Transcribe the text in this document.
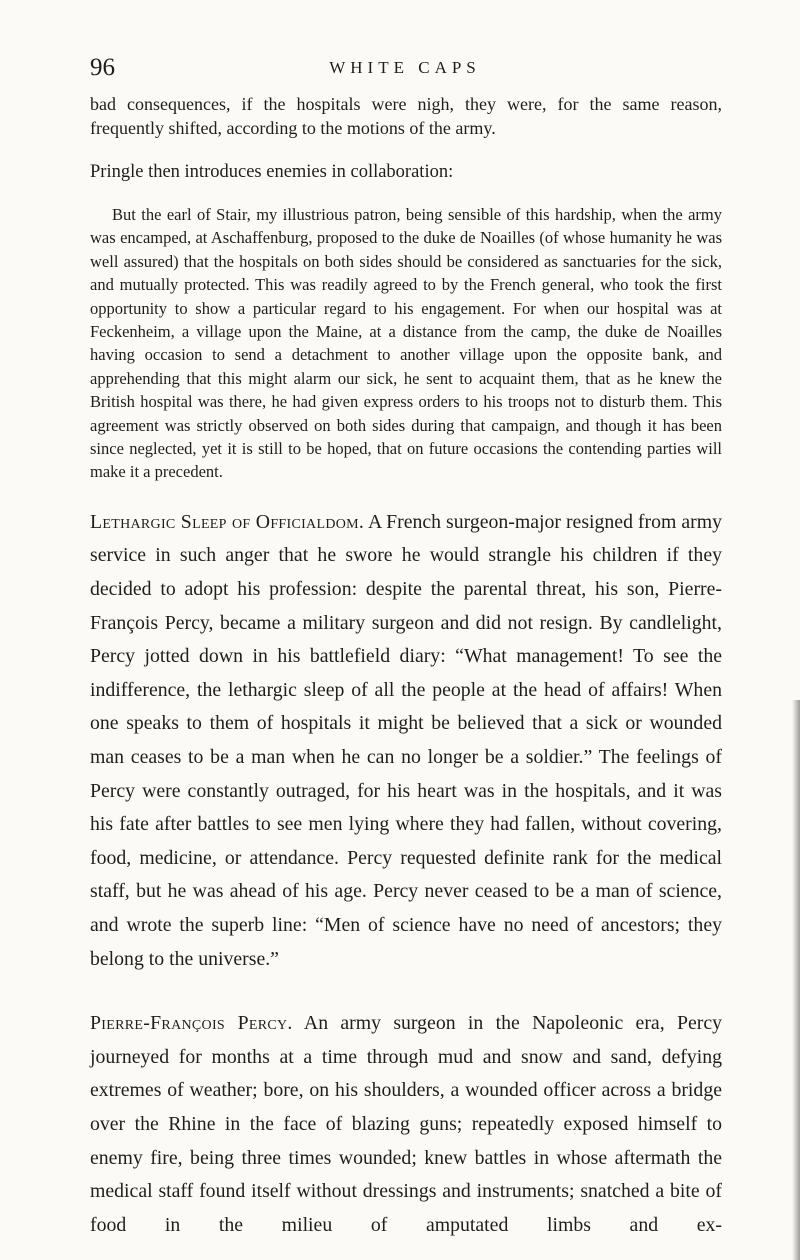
96	WHITE CAPS

bad consequences, if the hospitals were nigh, they were, for the same reason, frequently shifted, according to the motions of the army.

Pringle then introduces enemies in collaboration:

But the earl of Stair, my illustrious patron, being sensible of this hardship, when the army was encamped, at Aschaffenburg, proposed to the duke de Noailles (of whose humanity he was well assured) that the hospitals on both sides should be considered as sanctuaries for the sick, and mutually protected. This was readily agreed to by the French general, who took the first opportunity to show a particular regard to his engagement. For when our hospital was at Feckenheim, a village upon the Maine, at a distance from the camp, the duke de Noailles having occasion to send a detachment to another village upon the opposite bank, and apprehending that this might alarm our sick, he sent to acquaint them, that as he knew the British hospital was there, he had given express orders to his troops not to disturb them. This agreement was strictly observed on both sides during that campaign, and though it has been since neglected, yet it is still to be hoped, that on future occasions the contending parties will make it a precedent.

Lethargic Sleep of Officialdom. A French surgeon-major resigned from army service in such anger that he swore he would strangle his children if they decided to adopt his profession: despite the parental threat, his son, Pierre-François Percy, became a military surgeon and did not resign. By candlelight, Percy jotted down in his battlefield diary: “What management! To see the indifference, the lethargic sleep of all the people at the head of affairs! When one speaks to them of hospitals it might be believed that a sick or wounded man ceases to be a man when he can no longer be a soldier.” The feelings of Percy were constantly outraged, for his heart was in the hospitals, and it was his fate after battles to see men lying where they had fallen, without covering, food, medicine, or attendance. Percy requested definite rank for the medical staff, but he was ahead of his age. Percy never ceased to be a man of science, and wrote the superb line: “Men of science have no need of ancestors; they belong to the universe.”

Pierre-François Percy. An army surgeon in the Napoleonic era, Percy journeyed for months at a time through mud and snow and sand, defying extremes of weather; bore, on his shoulders, a wounded officer across a bridge over the Rhine in the face of blazing guns; repeatedly exposed himself to enemy fire, being three times wounded; knew battles in whose aftermath the medical staff found itself without dressings and instruments; snatched a bite of food in the milieu of amputated limbs and ex-
